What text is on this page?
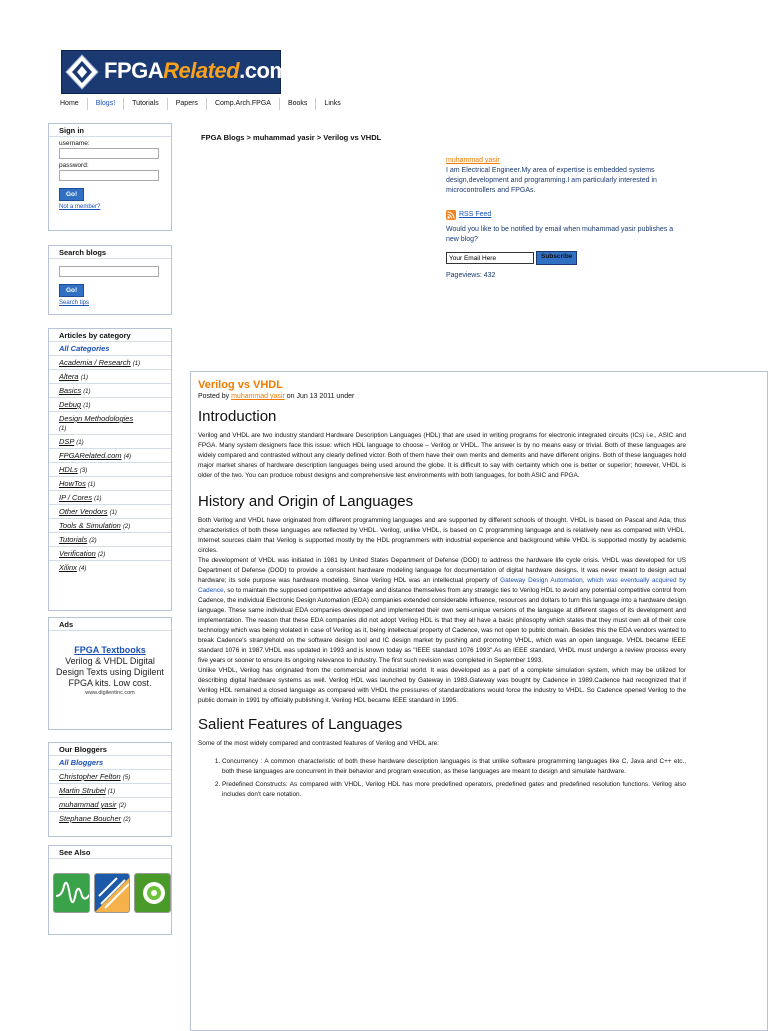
FPGARelated.com
Home	Blogs!	Tutorials	Papers	Comp.Arch.FPGA	Books	Links
Sign in
username:
password:
Go!
Not a member?
Search blogs
Go!
Search tips
Articles by category
All Categories
Academia / Research (1)
Altera (1)
Basics (1)
Debug (1)
Design Methodologies
(1)
DSP (1)
FPGARelated.com (4)
HDLs (3)
HowTos (1)
IP / Cores (1)
Other Vendors (1)
Tools & Simulation (2)
Tutorials (2)
Verification (2)
Xilinx (4)
Ads
FPGA Textbooks
Verilog & VHDL Digital Design Texts using Digilent FPGA kits. Low cost.
www.digilentinc.com
Our Bloggers
All Bloggers
Christopher Felton (5)
Martin Strubel (1)
muhammad yasir (2)
Stephane Boucher (2)
See Also
FPGA Blogs > muhammad yasir > Verilog vs VHDL
muhammad yasir
I am Electrical Engineer.My area of expertise is embedded systems design,development and programming.I am particularly interested in microcontrollers and FPGAs.
RSS Feed
Would you like to be notified by email when muhammad yasir publishes a new blog?
Your Email Here
Subscribe
Pageviews: 432
Verilog vs VHDL
Posted by muhammad yasir on Jun 13 2011 under
Introduction

Verilog and VHDL are two industry standard Hardware Description Languages (HDL) that are used in writing programs for electronic integrated circuits (ICs) i.e., ASIC and FPGA. Many system designers face this issue: which HDL language to choose – Verilog or VHDL. The answer is by no means easy or trivial. Both of these languages are widely compared and contrasted without any clearly defined victor. Both of them have their own merits and demerits and have different origins. Both of these languages hold major market shares of hardware description languages being used around the globe. It is difficult to say with certainty which one is better or superior; however, VHDL is older of the two. You can produce robust designs and comprehensive test environments with both languages, for both ASIC and FPGA.

History and Origin of Languages

Both Verilog and VHDL have originated from different programming languages and are supported by different schools of thought. VHDL is based on Pascal and Ada, thus characteristics of both these languages are reflected by VHDL. Verilog, unlike VHDL, is based on C programming language and is relatively new as compared with VHDL. Internet sources claim that Verilog is supported mostly by the HDL programmers with industrial experience and background while VHDL is supported mostly by academic circles.

The development of VHDL was initiated in 1981 by United States Department of Defense (DOD) to address the hardware life cycle crisis. VHDL was developed for US Department of Defense (DOD) to provide a consistent hardware modeling language for documentation of digital hardware designs. It was never meant to design actual hardware; its sole purpose was hardware modeling. Since Verilog HDL was an intellectual property of Gateway Design Automation, which was eventually acquired by Cadence, so to maintain the supposed competitive advantage and distance themselves from any strategic ties to Verilog HDL to avoid any potential competitive control from Cadence, the individual Electronic Design Automation (EDA) companies extended considerable influence, resources and dollars to turn this language into a hardware design language. These same individual EDA companies developed and implemented their own semi-unique versions of the language at different stages of its development and implementation. The reason that these EDA companies did not adopt Verilog HDL is that they all have a basic philosophy which states that they must own all of their core technology which was being violated in case of Verilog as it, being intellectual property of Cadence, was not open to public domain. Besides this the EDA vendors wanted to break Cadence's stranglehold on the software design tool and IC design market by pushing and promoting VHDL, which was an open language. VHDL became IEEE standard 1076 in 1987.VHDL was updated in 1993 and is known today as "IEEE standard 1076 1993".As an IEEE standard, VHDL must undergo a review process every five years or sooner to ensure its ongoing relevance to industry. The first such revision was completed in September 1993.

Unlike VHDL, Verilog has originated from the commercial and industrial world. It was developed as a part of a complete simulation system, which may be utilized for describing digital hardware systems as well. Verilog HDL was launched by Gateway in 1983.Gateway was bought by Cadence in 1989.Cadence had recognized that if Verilog HDL remained a closed language as compared with VHDL the pressures of standardizations would force the industry to VHDL. So Cadence opened Verilog to the public domain in 1991 by officially publishing it. Verilog HDL became IEEE standard in 1995.

Salient Features of Languages

Some of the most widely compared and contrasted features of Verilog and VHDL are:

1. Concurrency : A common characteristic of both these hardware description languages is that unlike software programming languages like C, Java and C++ etc., both these languages are concurrent in their behavior and program execution, as these languages are meant to design and simulate hardware.
2. Predefined Constructs: As compared with VHDL, Verilog HDL has more predefined operators, predefined gates and predefined resolution functions. Verilog also includes don't care notation.
